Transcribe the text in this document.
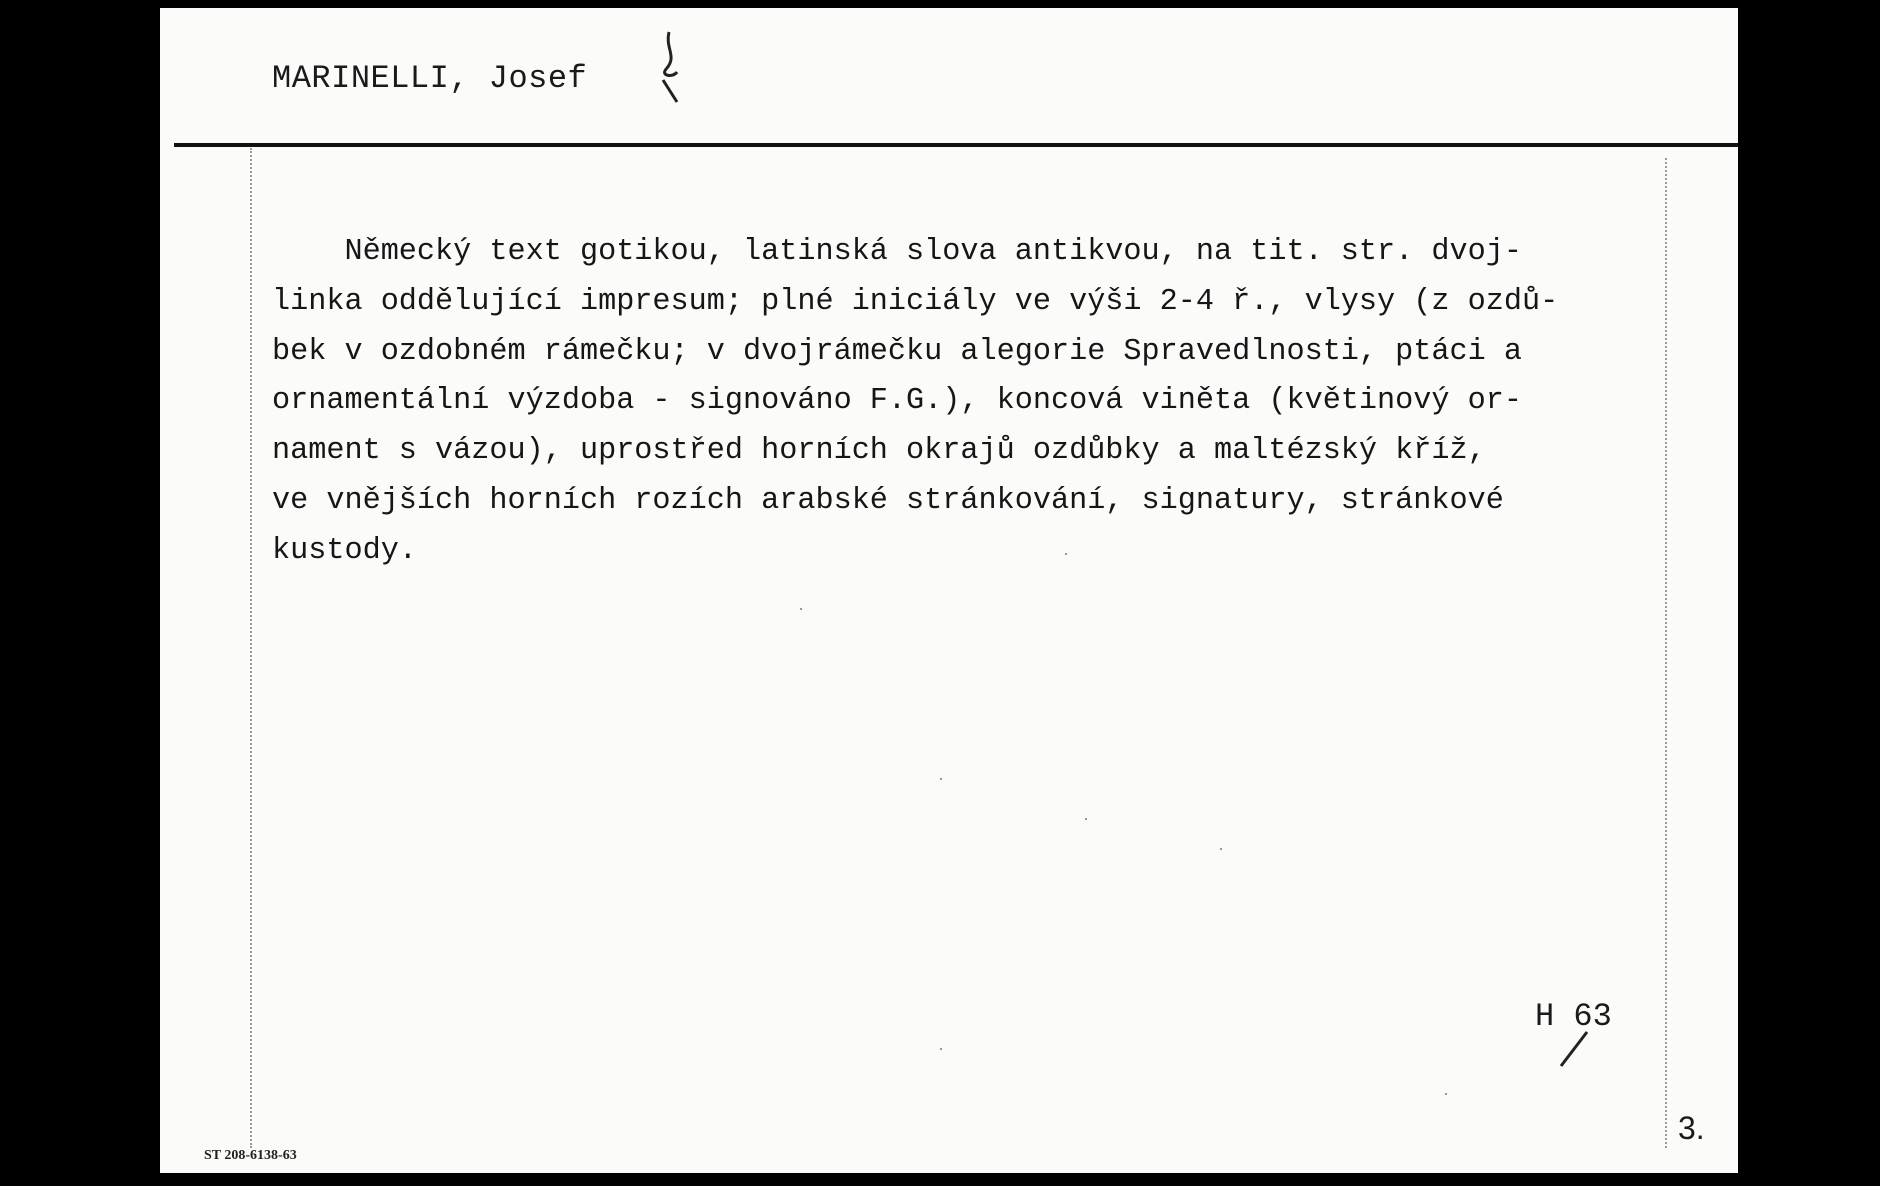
MARINELLI, Josef

Německý text gotikou, latinská slova antikvou, na tit. str. dvoj-
linka oddělující impresum; plné iniciály ve výši 2-4 ř., vlysy (z ozdů-
bek v ozdobném rámečku; v dvojrámečku alegorie Spravedlnosti, ptáci a
ornamentální výzdoba - signováno F.G.), koncová viněta (květinový or-
nament s vázou), uprostřed horních okrajů ozdůbky a maltézský kříž,
ve vnějších horních rozích arabské stránkování, signatury, stránkové
kustody.

H 63
3.
ST 208-6138-63
